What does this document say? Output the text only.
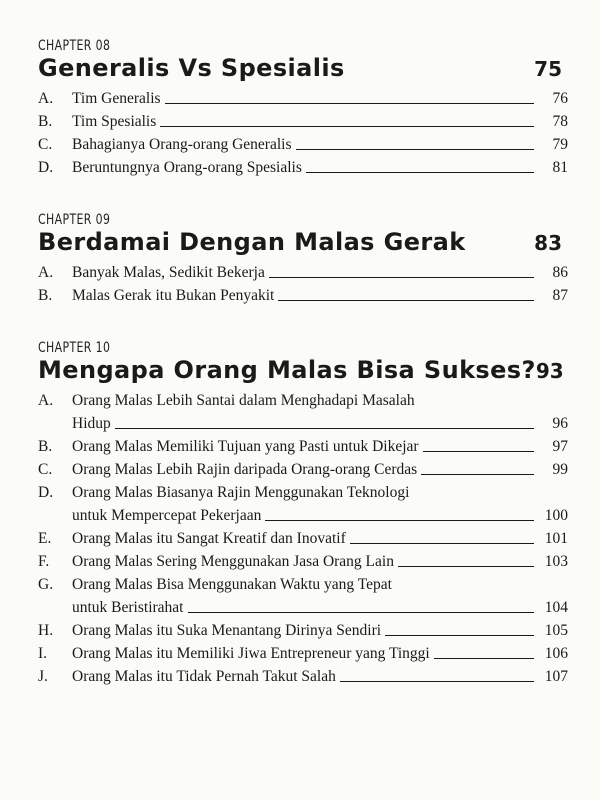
CHAPTER 08
Generalis Vs Spesialis	75
A.	Tim Generalis	76
B.	Tim Spesialis	78
C.	Bahagianya Orang-orang Generalis	79
D.	Beruntungnya Orang-orang Spesialis	81
CHAPTER 09
Berdamai Dengan Malas Gerak	83
A.	Banyak Malas, Sedikit Bekerja	86
B.	Malas Gerak itu Bukan Penyakit	87
CHAPTER 10
Mengapa Orang Malas Bisa Sukses? 93
A.	Orang Malas Lebih Santai dalam Menghadapi Masalah
Hidup	96
B.	Orang Malas Memiliki Tujuan yang Pasti untuk Dikejar	97
C.	Orang Malas Lebih Rajin daripada Orang-orang Cerdas	99
D.	Orang Malas Biasanya Rajin Menggunakan Teknologi
untuk Mempercepat Pekerjaan	100
E.	Orang Malas itu Sangat Kreatif dan Inovatif	101
F.	Orang Malas Sering Menggunakan Jasa Orang Lain	103
G.	Orang Malas Bisa Menggunakan Waktu yang Tepat
untuk Beristirahat	104
H.	Orang Malas itu Suka Menantang Dirinya Sendiri	105
I.	Orang Malas itu Memiliki Jiwa Entrepreneur yang Tinggi	106
J.	Orang Malas itu Tidak Pernah Takut Salah	107
